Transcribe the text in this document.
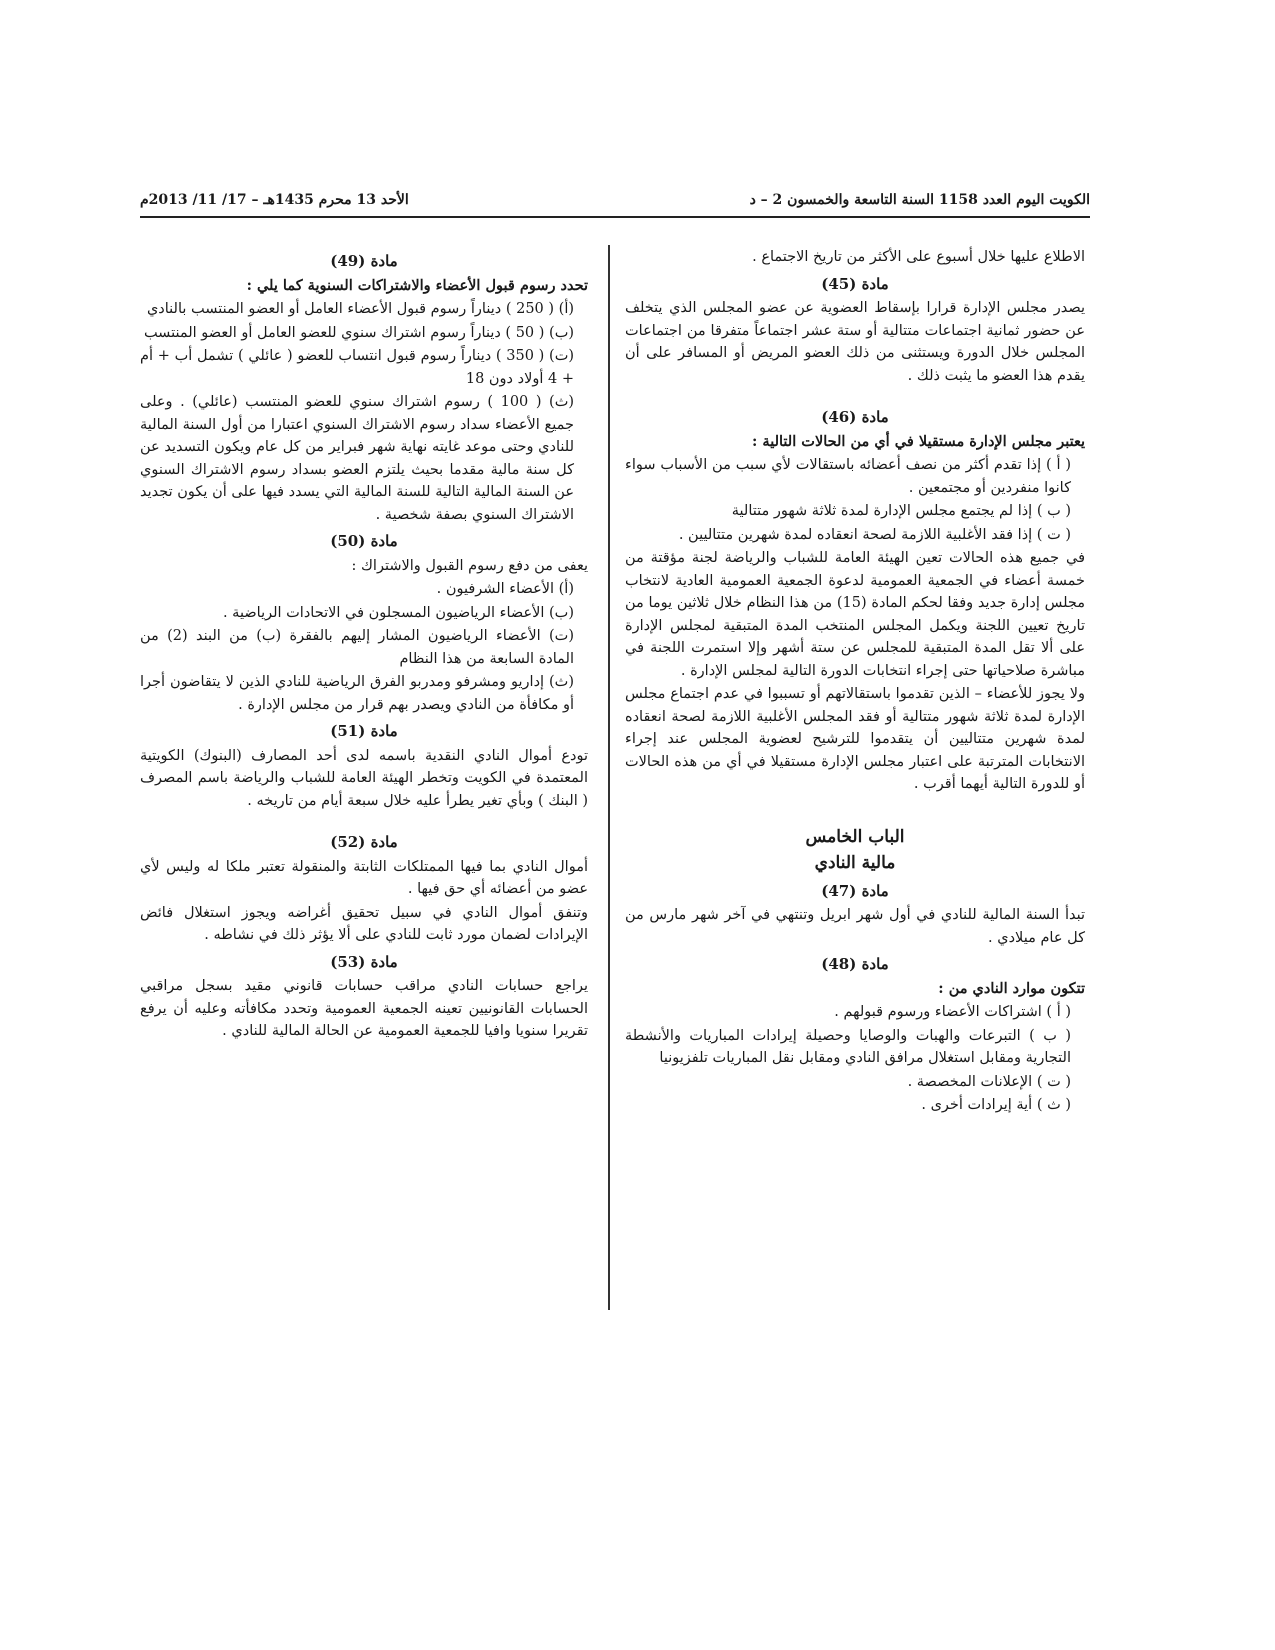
الكويت اليوم العدد 1158 السنة التاسعة والخمسون 2 – د
الأحد 13 محرم 1435هـ – 17/ 11/ 2013م

الاطلاع عليها خلال أسبوع على الأكثر من تاريخ الاجتماع .

مادة (45)

يصدر مجلس الإدارة قرارا بإسقاط العضوية عن عضو المجلس الذي يتخلف عن حضور ثمانية اجتماعات متتالية أو ستة عشر اجتماعاً متفرقا من اجتماعات المجلس خلال الدورة ويستثنى من ذلك العضو المريض أو المسافر على أن يقدم هذا العضو ما يثبت ذلك .

مادة (46)

يعتبر مجلس الإدارة مستقيلا في أي من الحالات التالية :

( أ ) إذا تقدم أكثر من نصف أعضائه باستقالات لأي سبب من الأسباب سواء كانوا منفردين أو مجتمعين .

( ب ) إذا لم يجتمع مجلس الإدارة لمدة ثلاثة شهور متتالية

( ت ) إذا فقد الأغلبية اللازمة لصحة انعقاده لمدة شهرين متتاليين .

في جميع هذه الحالات تعين الهيئة العامة للشباب والرياضة لجنة مؤقتة من خمسة أعضاء في الجمعية العمومية لدعوة الجمعية العمومية العادية لانتخاب مجلس إدارة جديد وفقا لحكم المادة (15) من هذا النظام خلال ثلاثين يوما من تاريخ تعيين اللجنة ويكمل المجلس المنتخب المدة المتبقية لمجلس الإدارة على ألا تقل المدة المتبقية للمجلس عن ستة أشهر وإلا استمرت اللجنة في مباشرة صلاحياتها حتى إجراء انتخابات الدورة التالية لمجلس الإدارة .

ولا يجوز للأعضاء – الذين تقدموا باستقالاتهم أو تسببوا في عدم اجتماع مجلس الإدارة لمدة ثلاثة شهور متتالية أو فقد المجلس الأغلبية اللازمة لصحة انعقاده لمدة شهرين متتاليين أن يتقدموا للترشيح لعضوية المجلس عند إجراء الانتخابات المترتبة على اعتبار مجلس الإدارة مستقيلا في أي من هذه الحالات أو للدورة التالية أيهما أقرب .

الباب الخامس
مالية النادي
مادة (47)

تبدأ السنة المالية للنادي في أول شهر ابريل وتنتهي في آخر شهر مارس من كل عام ميلادي .

مادة (48)

تتكون موارد النادي من :

( أ ) اشتراكات الأعضاء ورسوم قبولهم .

( ب ) التبرعات والهبات والوصايا وحصيلة إيرادات المباريات والأنشطة التجارية ومقابل استغلال مرافق النادي ومقابل نقل المباريات تلفزيونيا

( ت ) الإعلانات المخصصة .

( ث ) أية إيرادات أخرى .

مادة (49)

تحدد رسوم قبول الأعضاء والاشتراكات السنوية كما يلي :

(أ) ( 250 ) ديناراً رسوم قبول الأعضاء العامل أو العضو المنتسب بالنادي

(ب) ( 50 ) ديناراً رسوم اشتراك سنوي للعضو العامل أو العضو المنتسب

(ت) ( 350 ) ديناراً رسوم قبول انتساب للعضو ( عائلي ) تشمل أب + أم + 4 أولاد دون 18

(ث) ( 100 ) رسوم اشتراك سنوي للعضو المنتسب (عائلي) . وعلى جميع الأعضاء سداد رسوم الاشتراك السنوي اعتبارا من أول السنة المالية للنادي وحتى موعد غايته نهاية شهر فبراير من كل عام ويكون التسديد عن كل سنة مالية مقدما بحيث يلتزم العضو بسداد رسوم الاشتراك السنوي عن السنة المالية التالية للسنة المالية التي يسدد فيها على أن يكون تجديد الاشتراك السنوي بصفة شخصية .

مادة (50)

يعفى من دفع رسوم القبول والاشتراك :

(أ) الأعضاء الشرفيون .

(ب) الأعضاء الرياضيون المسجلون في الاتحادات الرياضية .

(ت) الأعضاء الرياضيون المشار إليهم بالفقرة (ب) من البند (2) من المادة السابعة من هذا النظام

(ث) إداريو ومشرفو ومدربو الفرق الرياضية للنادي الذين لا يتقاضون أجرا أو مكافأة من النادي ويصدر بهم قرار من مجلس الإدارة .

مادة (51)

تودع أموال النادي النقدية باسمه لدى أحد المصارف (البنوك) الكويتية المعتمدة في الكويت وتخطر الهيئة العامة للشباب والرياضة باسم المصرف ( البنك ) وبأي تغير يطرأ عليه خلال سبعة أيام من تاريخه .

مادة (52)

أموال النادي بما فيها الممتلكات الثابتة والمنقولة تعتبر ملكا له وليس لأي عضو من أعضائه أي حق فيها .

وتنفق أموال النادي في سبيل تحقيق أغراضه ويجوز استغلال فائض الإيرادات لضمان مورد ثابت للنادي على ألا يؤثر ذلك في نشاطه .

مادة (53)

يراجع حسابات النادي مراقب حسابات قانوني مقيد بسجل مراقبي الحسابات القانونيين تعينه الجمعية العمومية وتحدد مكافأته وعليه أن يرفع تقريرا سنويا وافيا للجمعية العمومية عن الحالة المالية للنادي .
